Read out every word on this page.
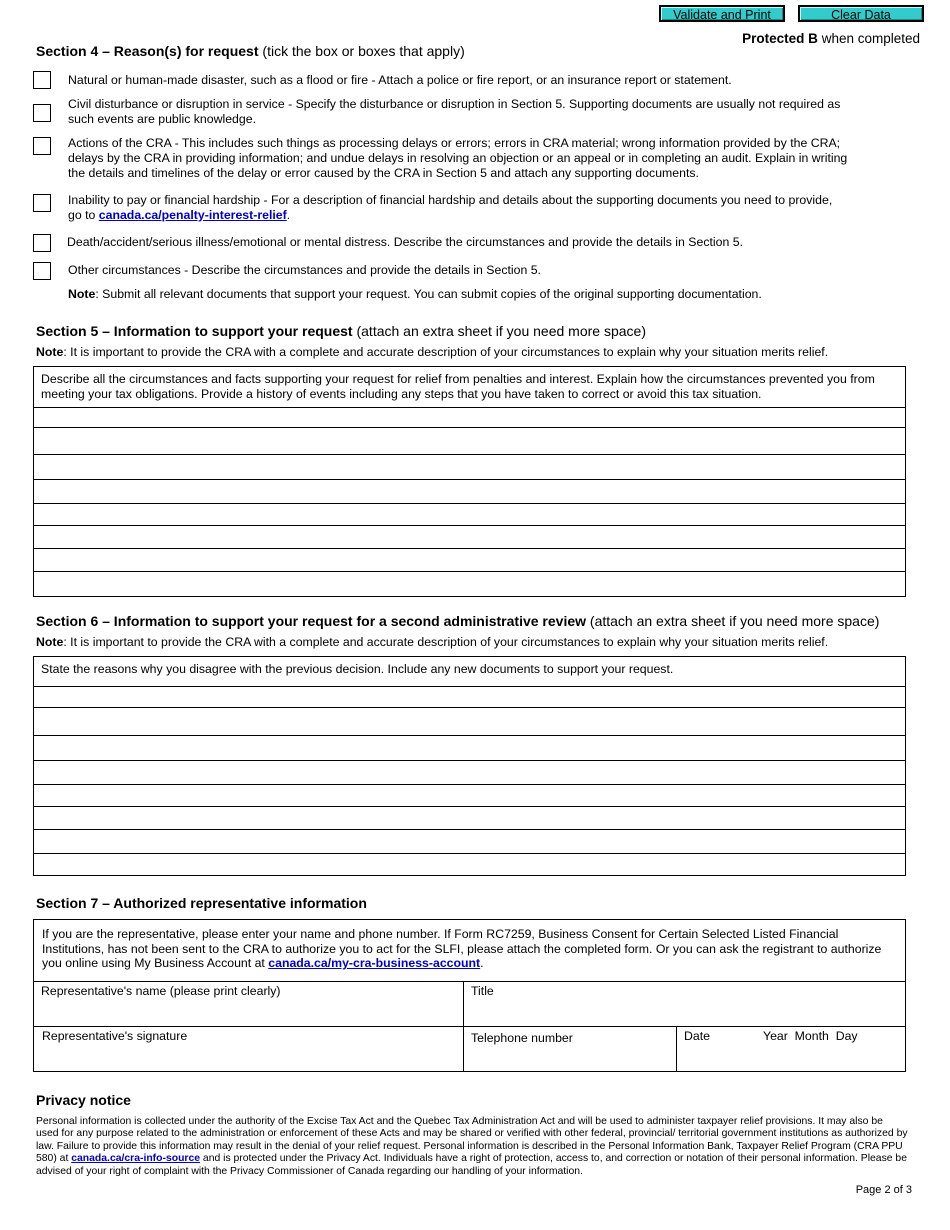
Validate and Print	Clear Data
Protected B when completed
Section 4 – Reason(s) for request (tick the box or boxes that apply)
Natural or human-made disaster, such as a flood or fire - Attach a police or fire report, or an insurance report or statement.
Civil disturbance or disruption in service - Specify the disturbance or disruption in Section 5. Supporting documents are usually not required as such events are public knowledge.
Actions of the CRA - This includes such things as processing delays or errors; errors in CRA material; wrong information provided by the CRA; delays by the CRA in providing information; and undue delays in resolving an objection or an appeal or in completing an audit. Explain in writing the details and timelines of the delay or error caused by the CRA in Section 5 and attach any supporting documents.
Inability to pay or financial hardship - For a description of financial hardship and details about the supporting documents you need to provide, go to canada.ca/penalty-interest-relief.
Death/accident/serious illness/emotional or mental distress. Describe the circumstances and provide the details in Section 5.
Other circumstances - Describe the circumstances and provide the details in Section 5.
Note: Submit all relevant documents that support your request. You can submit copies of the original supporting documentation.
Section 5 – Information to support your request (attach an extra sheet if you need more space)
Note: It is important to provide the CRA with a complete and accurate description of your circumstances to explain why your situation merits relief.
Describe all the circumstances and facts supporting your request for relief from penalties and interest. Explain how the circumstances prevented you from meeting your tax obligations. Provide a history of events including any steps that you have taken to correct or avoid this tax situation.
Section 6 – Information to support your request for a second administrative review (attach an extra sheet if you need more space)
Note: It is important to provide the CRA with a complete and accurate description of your circumstances to explain why your situation merits relief.
State the reasons why you disagree with the previous decision. Include any new documents to support your request.
Section 7 – Authorized representative information
If you are the representative, please enter your name and phone number. If Form RC7259, Business Consent for Certain Selected Listed Financial Institutions, has not been sent to the CRA to authorize you to act for the SLFI, please attach the completed form. Or you can ask the registrant to authorize you online using My Business Account at canada.ca/my-cra-business-account.
Representative's name (please print clearly)	Title
Representative's signature	Telephone number	Date	Year  Month  Day
Privacy notice
Personal information is collected under the authority of the Excise Tax Act and the Quebec Tax Administration Act and will be used to administer taxpayer relief provisions. It may also be used for any purpose related to the administration or enforcement of these Acts and may be shared or verified with other federal, provincial/ territorial government institutions as authorized by law. Failure to provide this information may result in the denial of your relief request. Personal information is described in the Personal Information Bank, Taxpayer Relief Program (CRA PPU 580) at canada.ca/cra-info-source and is protected under the Privacy Act. Individuals have a right of protection, access to, and correction or notation of their personal information. Please be advised of your right of complaint with the Privacy Commissioner of Canada regarding our handling of your information.
Page 2 of 3
